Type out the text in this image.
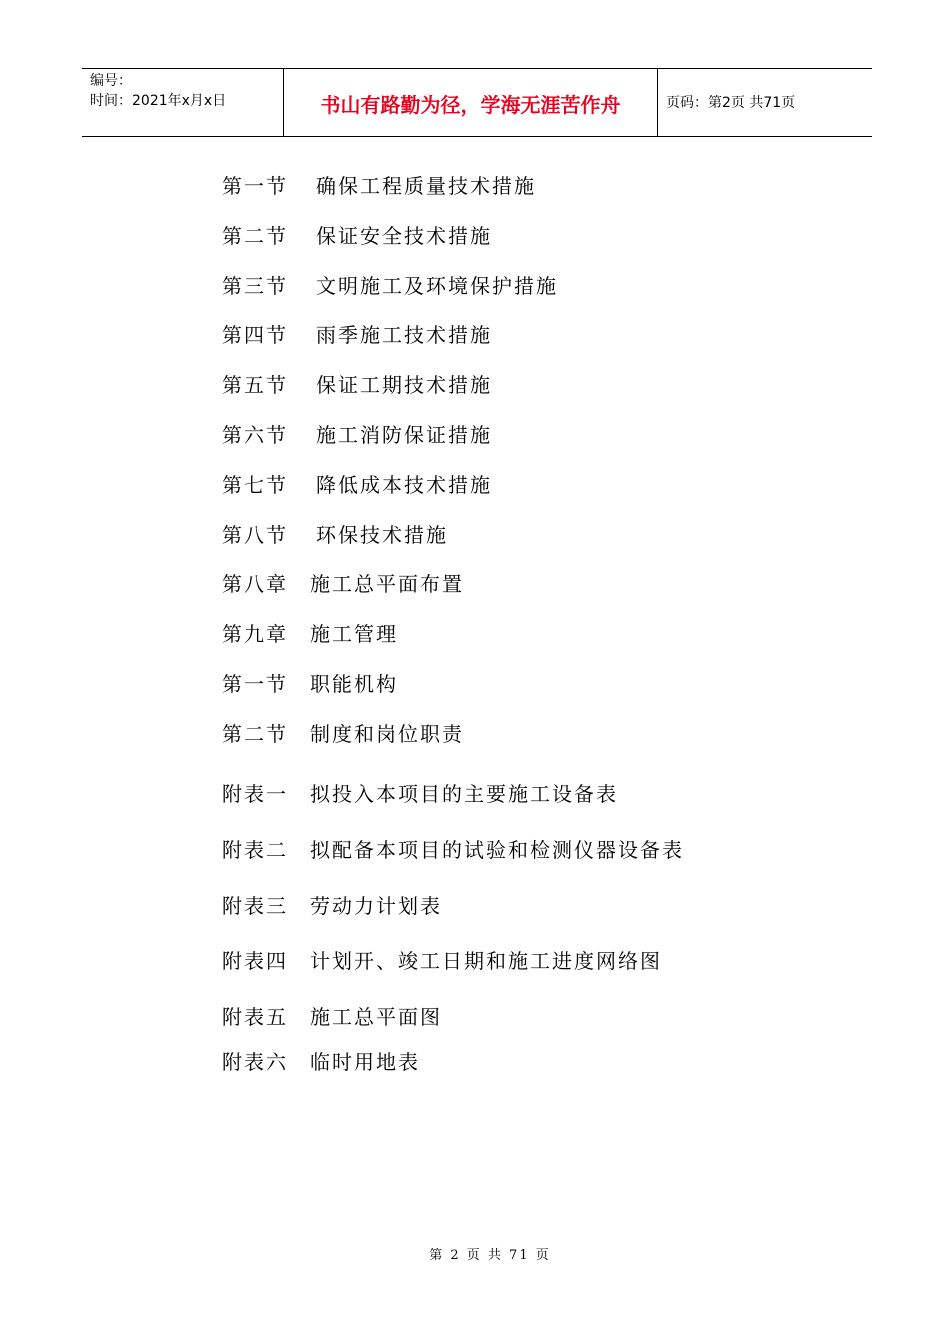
编号：
时间：2021年x月x日	书山有路勤为径，学海无涯苦作舟	页码：第2页 共71页
第一节 确保工程质量技术措施
第二节 保证安全技术措施
第三节 文明施工及环境保护措施
第四节 雨季施工技术措施
第五节 保证工期技术措施
第六节 施工消防保证措施
第七节 降低成本技术措施
第八节 环保技术措施
第八章 施工总平面布置
第九章 施工管理
第一节 职能机构
第二节 制度和岗位职责
附表一 拟投入本项目的主要施工设备表
附表二 拟配备本项目的试验和检测仪器设备表
附表三 劳动力计划表
附表四 计划开、竣工日期和施工进度网络图
附表五 施工总平面图
附表六 临时用地表
第 2 页 共 71 页
